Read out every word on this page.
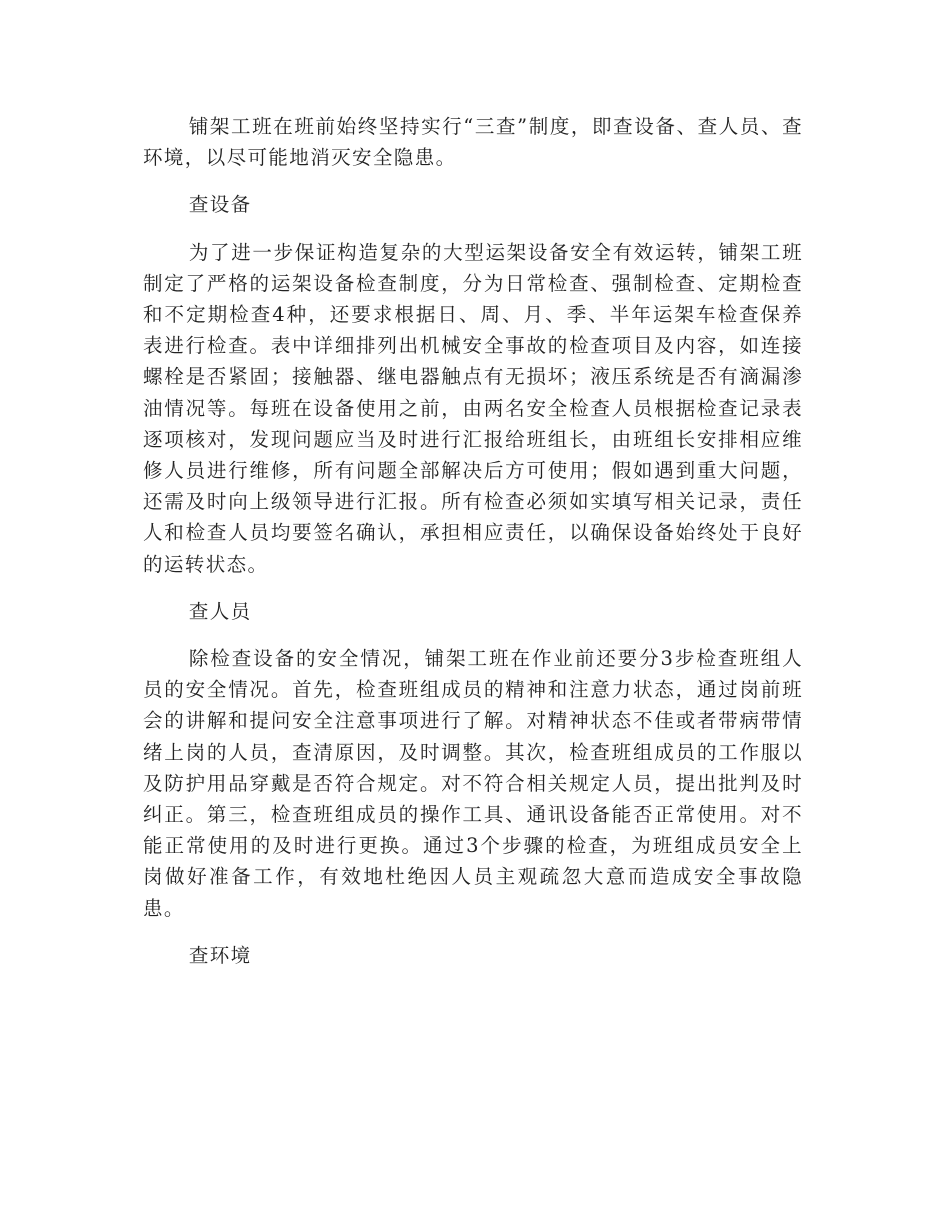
铺架工班在班前始终坚持实行“三查”制度，即查设备、查人员、查环境，以尽可能地消灭安全隐患。

查设备

为了进一步保证构造复杂的大型运架设备安全有效运转，铺架工班制定了严格的运架设备检查制度，分为日常检查、强制检查、定期检查和不定期检查4种，还要求根据日、周、月、季、半年运架车检查保养表进行检查。表中详细排列出机械安全事故的检查项目及内容，如连接螺栓是否紧固；接触器、继电器触点有无损坏；液压系统是否有滴漏渗油情况等。每班在设备使用之前，由两名安全检查人员根据检查记录表逐项核对，发现问题应当及时进行汇报给班组长，由班组长安排相应维修人员进行维修，所有问题全部解决后方可使用；假如遇到重大问题，还需及时向上级领导进行汇报。所有检查必须如实填写相关记录，责任人和检查人员均要签名确认，承担相应责任，以确保设备始终处于良好的运转状态。

查人员

除检查设备的安全情况，铺架工班在作业前还要分3步检查班组人员的安全情况。首先，检查班组成员的精神和注意力状态，通过岗前班会的讲解和提问安全注意事项进行了解。对精神状态不佳或者带病带情绪上岗的人员，查清原因，及时调整。其次，检查班组成员的工作服以及防护用品穿戴是否符合规定。对不符合相关规定人员，提出批判及时纠正。第三，检查班组成员的操作工具、通讯设备能否正常使用。对不能正常使用的及时进行更换。通过3个步骤的检查，为班组成员安全上岗做好准备工作，有效地杜绝因人员主观疏忽大意而造成安全事故隐患。

查环境
